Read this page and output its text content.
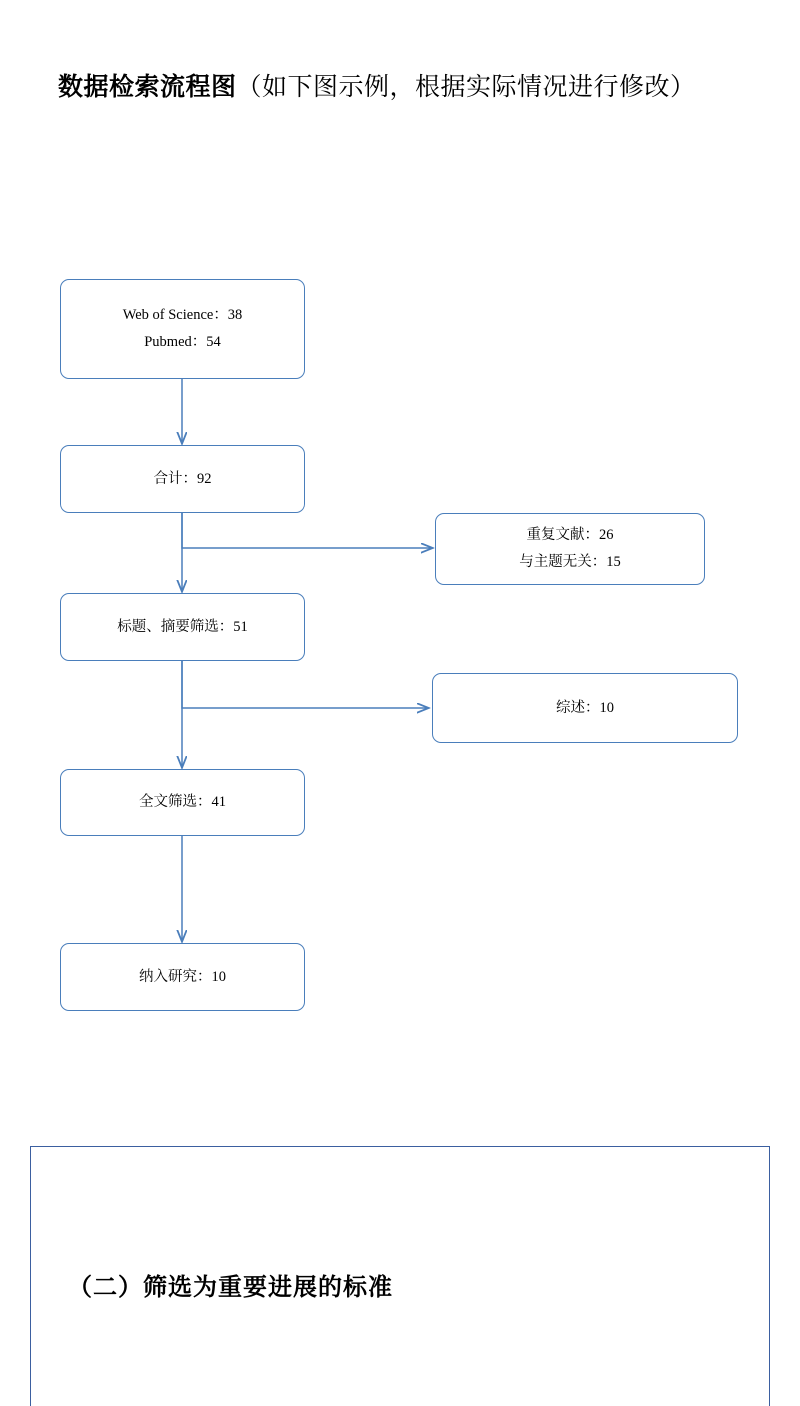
数据检索流程图（如下图示例，根据实际情况进行修改）
Web of Science：38
Pubmed：54
合计：92
重复文献：26
与主题无关：15
标题、摘要筛选：51
综述：10
全文筛选：41
纳入研究：10
（二）筛选为重要进展的标准
